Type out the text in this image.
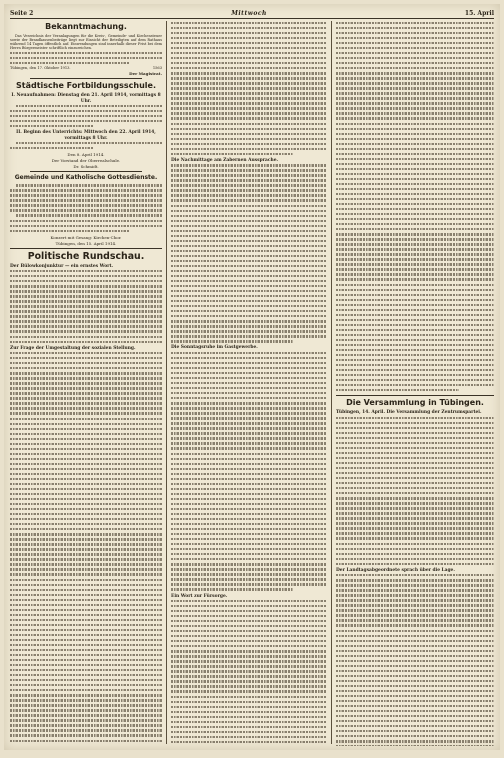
Seite 2	Mittwoch	15. April
Bekanntmachung.

Das Verzeichnis der Veranlagungen für die Kreis-, Gemeinde- und Kirchensteuer sowie der Brandkassenbeiträge liegt zur Einsicht der Beteiligten auf dem Rathaus während 14 Tagen öffentlich auf. Einwendungen sind innerhalb dieser Frist bei dem Herrn Bürgermeister schriftlich einzureichen.

Tübingen, den 17. Oktober 1913.	1563
Der Magistrat.
Städtische Fortbildungsschule.
I. Neuaufnahmen: Dienstag den 21. April 1914, vormittags 8 Uhr.
II. Beginn des Unterrichts: Mittwoch den 22. April 1914, vormittags 8 Uhr.
Den 8. April 1914.
Der Vorstand der Oberrealschule.
Dr. Schmidt.
Gemeinde und Katholische Gottesdienste.
Konzert mit Gesang: Kirchen-Chor.
Tübingen, den 15. April 1914.
Politische Rundschau.
Der Bülowkonjunktur — ein ernstes Wort.
Zur Frage der Umgestaltung der sozialen Stellung.
Die Nachmittage am Zabernen Aussprache.
Die Sonntagsruhe im Gastgewerbe.
Ein Wort zur Fürsorge.
Die Versammlung in Tübingen.
Tübingen, 14. April. Die Versammlung der Zentrumspartei.
Der Landtagsabgeordnete sprach über die Lage.
